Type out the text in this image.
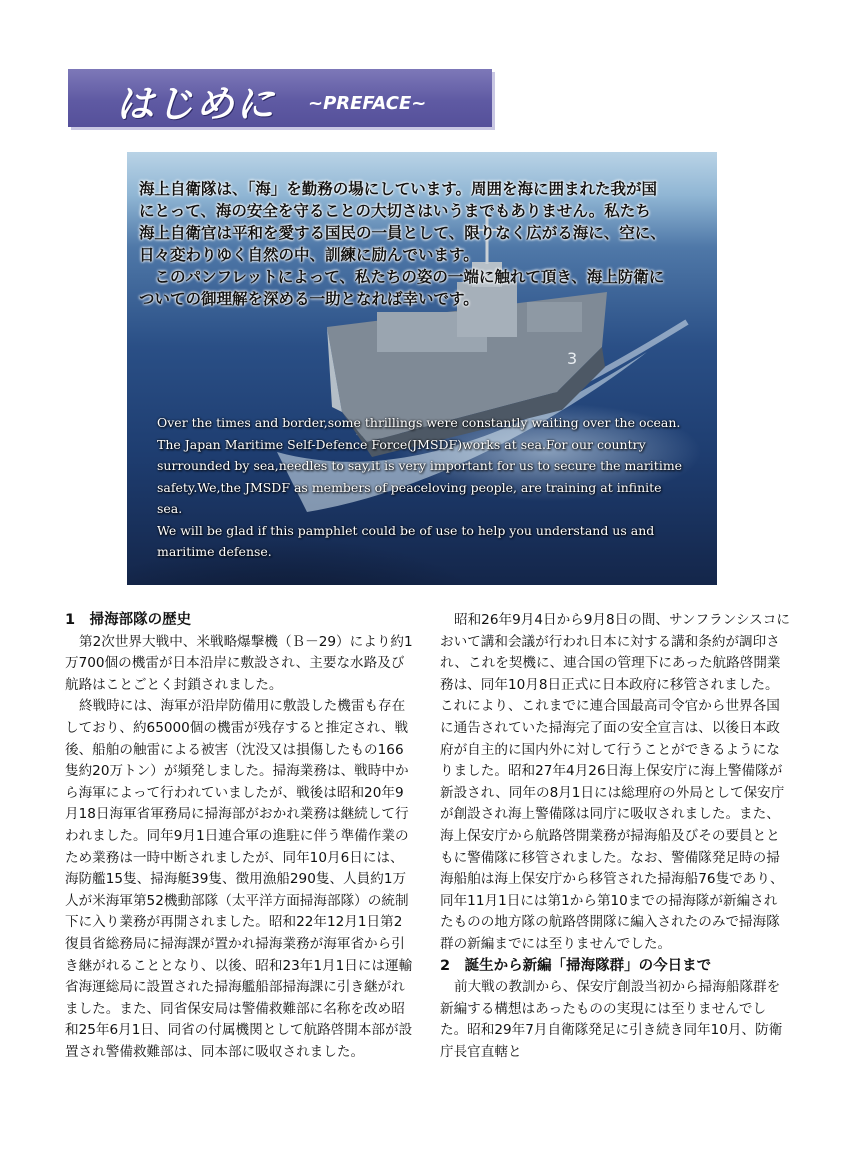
はじめに ~PREFACE~
3

海上自衛隊は、「海」を勤務の場にしています。周囲を海に囲まれた我が国
にとって、海の安全を守ることの大切さはいうまでもありません。私たち
海上自衛官は平和を愛する国民の一員として、限りなく広がる海に、空に、
日々変わりゆく自然の中、訓練に励んでいます。

　このパンフレットによって、私たちの姿の一端に触れて頂き、海上防衛に
ついての御理解を深める一助となれば幸いです。

Over the times and border,some thrillings were constantly waiting over the ocean.
The Japan Maritime Self-Defence Force(JMSDF)works at sea.For our country
surrounded by sea,needles to say,it is very important for us to secure the maritime
safety.We,the JMSDF as members of peaceloving people, are training at infinite
sea.

We will be glad if this pamphlet could be of use to help you understand us and
maritime defense.

1　掃海部隊の歴史

第2次世界大戦中、米戦略爆撃機（Ｂ－29）により約1万700個の機雷が日本沿岸に敷設され、主要な水路及び航路はことごとく封鎖されました。

終戦時には、海軍が沿岸防備用に敷設した機雷も存在しており、約65000個の機雷が残存すると推定され、戦後、船舶の触雷による被害（沈没又は損傷したもの166隻約20万トン）が頻発しました。掃海業務は、戦時中から海軍によって行われていましたが、戦後は昭和20年9月18日海軍省軍務局に掃海部がおかれ業務は継続して行われました。同年9月1日連合軍の進駐に伴う準備作業のため業務は一時中断されましたが、同年10月6日には、海防艦15隻、掃海艇39隻、徴用漁船290隻、人員約1万人が米海軍第52機動部隊（太平洋方面掃海部隊）の統制下に入り業務が再開されました。昭和22年12月1日第2復員省総務局に掃海課が置かれ掃海業務が海軍省から引き継がれることとなり、以後、昭和23年1月1日には運輸省海運総局に設置された掃海艦船部掃海課に引き継がれました。また、同省保安局は警備救難部に名称を改め昭和25年6月1日、同省の付属機関として航路啓開本部が設置され警備救難部は、同本部に吸収されました。

昭和26年9月4日から9月8日の間、サンフランシスコにおいて講和会議が行われ日本に対する講和条約が調印され、これを契機に、連合国の管理下にあった航路啓開業務は、同年10月8日正式に日本政府に移管されました。これにより、これまでに連合国最高司令官から世界各国に通告されていた掃海完了面の安全宣言は、以後日本政府が自主的に国内外に対して行うことができるようになりました。昭和27年4月26日海上保安庁に海上警備隊が新設され、同年の8月1日には総理府の外局として保安庁が創設され海上警備隊は同庁に吸収されました。また、海上保安庁から航路啓開業務が掃海船及びその要員とともに警備隊に移管されました。なお、警備隊発足時の掃海船舶は海上保安庁から移管された掃海船76隻であり、同年11月1日には第1から第10までの掃海隊が新編されたものの地方隊の航路啓開隊に編入されたのみで掃海隊群の新編までには至りませんでした。

2　誕生から新編「掃海隊群」の今日まで

前大戦の教訓から、保安庁創設当初から掃海船隊群を新編する構想はあったものの実現には至りませんでした。昭和29年7月自衛隊発足に引き続き同年10月、防衛庁長官直轄と
